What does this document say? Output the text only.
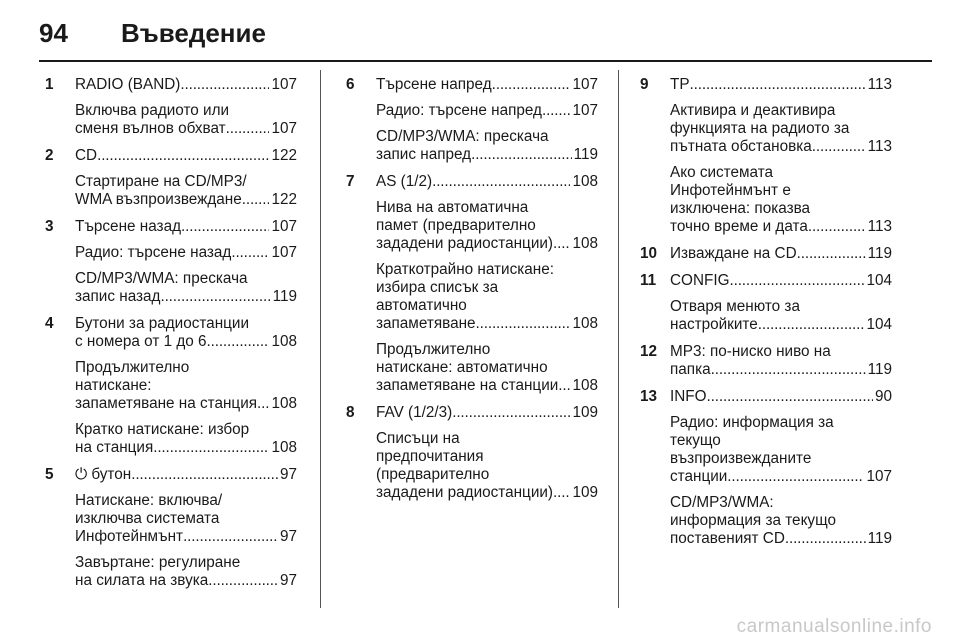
94 Въведение
1 RADIO (BAND) . . .	107
Включва радиото или
сменя вълнов обхват . . .	107
2 CD . . .	122
Стартиране на CD/MP3/
WMA възпроизвеждане . . . 122
3 Търсене назад . . .	107
Радио: търсене назад . . .	107
CD/MP3/WMA: прескача
запис назад . . .	119
4 Бутони за радиостанции
с номера от 1 до 6 . . .	108
Продължително
натискане:
запаметяване на станция . . . 108
Кратко натискане: избор
на станция . . .	108
5 ⏻ бутон . . .	97
Натискане: включва/
изключва системата
Инфотейнмънт . . .	97
Завъртане: регулиране
на силата на звука . . .	97
6 Търсене напред . . .	107
Радио: търсене напред . . . 107
CD/MP3/WMA: прескача
запис напред . . .	119
7 AS (1/2) . . .	108
Нива на автоматична
памет (предварително
зададени радиостанции) . . . 108
Краткотрайно натискане:
избира списък за
автоматично
запаметяване . . .	108
Продължително
натискане: автоматично
запаметяване на станции . . . 108
8 FAV (1/2/3) . . .	109
Списъци на
предпочитания
(предварително
зададени радиостанции) . . . 109
9 TP . . .	113
Активира и деактивира
функцията на радиото за
пътната обстановка . . .	113
Ако системата
Инфотейнмънт е
изключена: показва
точно време и дата . . .	113
10 Изваждане на CD . . .	119
11 CONFIG . . .	104
Отваря менюто за
настройките . . .	104
12 MP3: по-ниско ниво на
папка . . .	119
13 INFO . . .	90
Радио: информация за
текущо
възпроизвежданите
станции . . .	107
CD/MP3/WMA:
информация за текущо
поставеният CD . . .	119
carmanualsonline.info
